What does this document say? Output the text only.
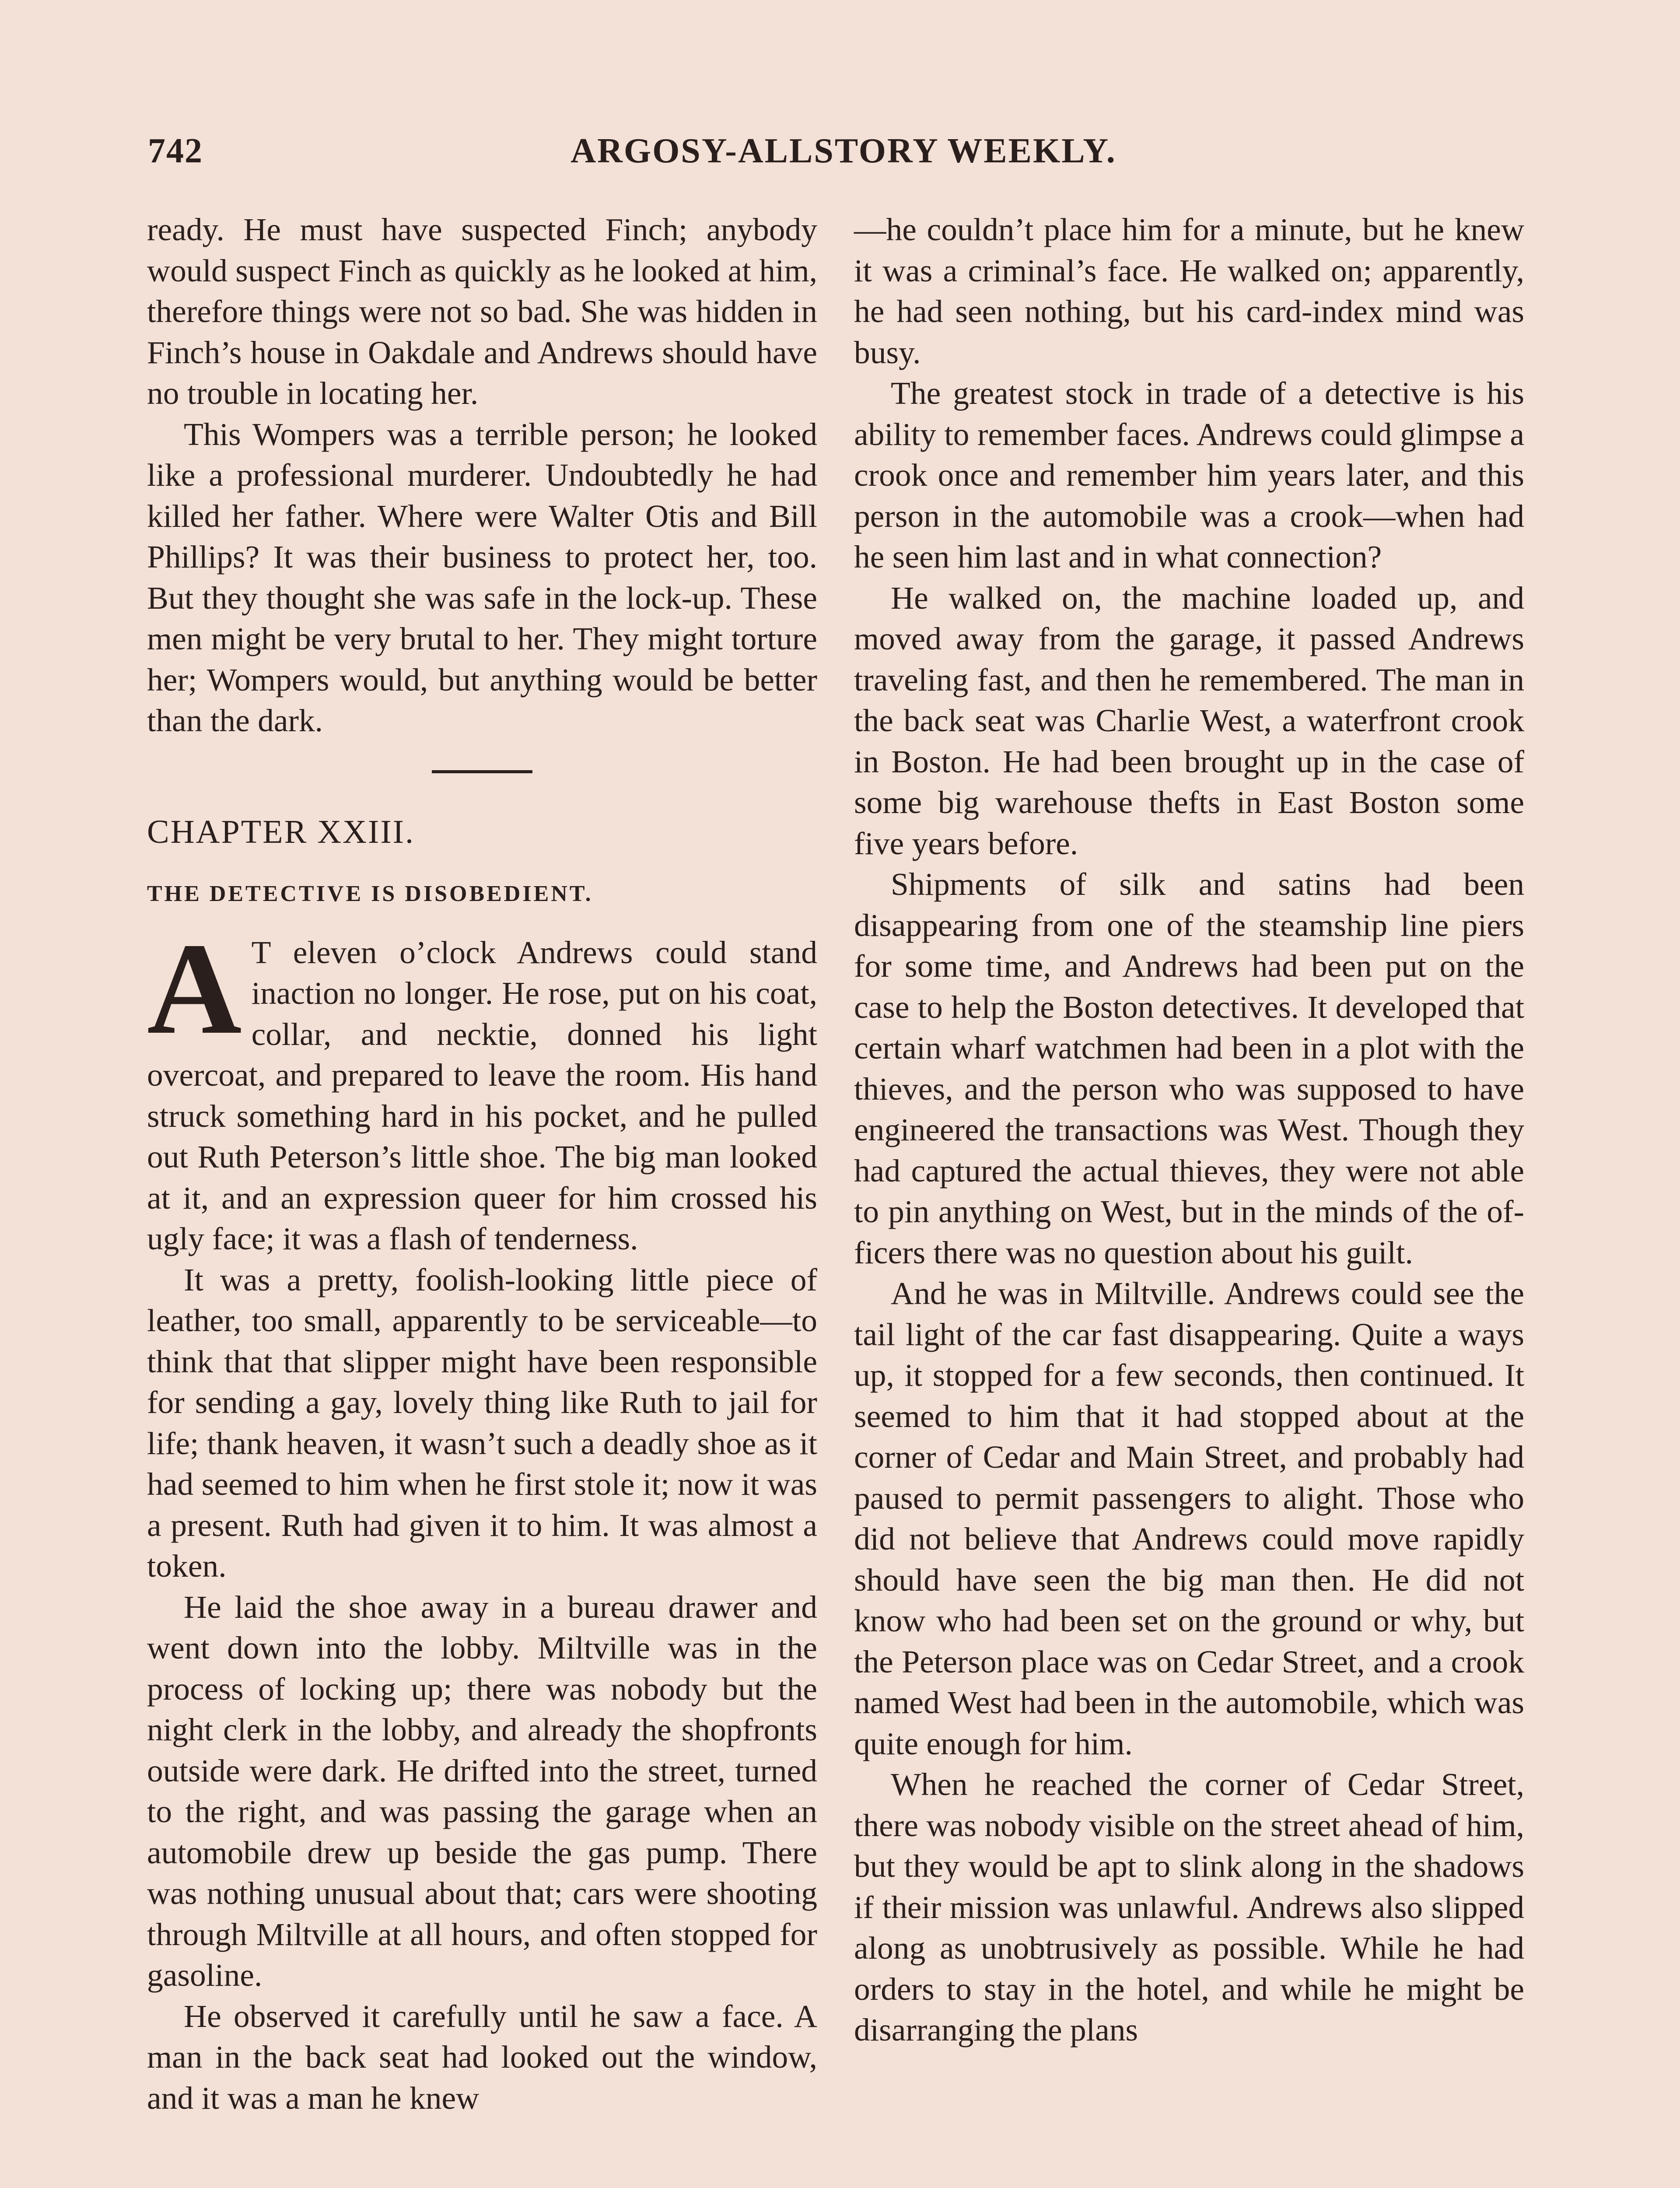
742	ARGOSY-ALLSTORY WEEKLY.

ready. He must have suspected Finch; anybody would suspect Finch as quickly as he looked at him, therefore things were not so bad. She was hidden in Finch’s house in Oakdale and Andrews should have no trouble in locating her.

This Wompers was a terrible person; he looked like a professional murderer. Undoubtedly he had killed her father. Where were Walter Otis and Bill Phillips? It was their business to protect her, too. But they thought she was safe in the lock-up. These men might be very brutal to her. They might torture her; Wompers would, but anything would be better than the dark.

CHAPTER XXIII.
THE DETECTIVE IS DISOBEDIENT.

A T eleven o’clock Andrews could stand inaction no longer. He rose, put on his coat, collar, and necktie, donned his light overcoat, and prepared to leave the room. His hand struck something hard in his pocket, and he pulled out Ruth Peterson’s little shoe. The big man looked at it, and an expression queer for him crossed his ugly face; it was a flash of tenderness.

It was a pretty, foolish-looking little piece of leather, too small, apparently to be serviceable—to think that that slipper might have been responsible for sending a gay, lovely thing like Ruth to jail for life; thank heaven, it wasn’t such a deadly shoe as it had seemed to him when he first stole it; now it was a present. Ruth had given it to him. It was almost a token.

He laid the shoe away in a bureau drawer and went down into the lobby. Miltville was in the process of locking up; there was nobody but the night clerk in the lobby, and already the shopfronts outside were dark. He drifted into the street, turned to the right, and was passing the garage when an automobile drew up beside the gas pump. There was nothing unusual about that; cars were shooting through Miltville at all hours, and often stopped for gasoline.

He observed it carefully until he saw a face. A man in the back seat had looked out the window, and it was a man he knew

—he couldn’t place him for a minute, but he knew it was a criminal’s face. He walked on; apparently, he had seen nothing, but his card-index mind was busy.

The greatest stock in trade of a detective is his ability to remember faces. Andrews could glimpse a crook once and remember him years later, and this person in the automobile was a crook—when had he seen him last and in what connection?

He walked on, the machine loaded up, and moved away from the garage, it passed Andrews traveling fast, and then he remembered. The man in the back seat was Charlie West, a waterfront crook in Boston. He had been brought up in the case of some big warehouse thefts in East Boston some five years before.

Shipments of silk and satins had been disappearing from one of the steamship line piers for some time, and Andrews had been put on the case to help the Boston detectives. It developed that certain wharf watchmen had been in a plot with the thieves, and the person who was supposed to have engineered the transactions was West. Though they had captured the actual thieves, they were not able to pin anything on West, but in the minds of the officers there was no question about his guilt.

And he was in Miltville. Andrews could see the tail light of the car fast disappearing. Quite a ways up, it stopped for a few seconds, then continued. It seemed to him that it had stopped about at the corner of Cedar and Main Street, and probably had paused to permit passengers to alight. Those who did not believe that Andrews could move rapidly should have seen the big man then. He did not know who had been set on the ground or why, but the Peterson place was on Cedar Street, and a crook named West had been in the automobile, which was quite enough for him.

When he reached the corner of Cedar Street, there was nobody visible on the street ahead of him, but they would be apt to slink along in the shadows if their mission was unlawful. Andrews also slipped along as unobtrusively as possible. While he had orders to stay in the hotel, and while he might be disarranging the plans
